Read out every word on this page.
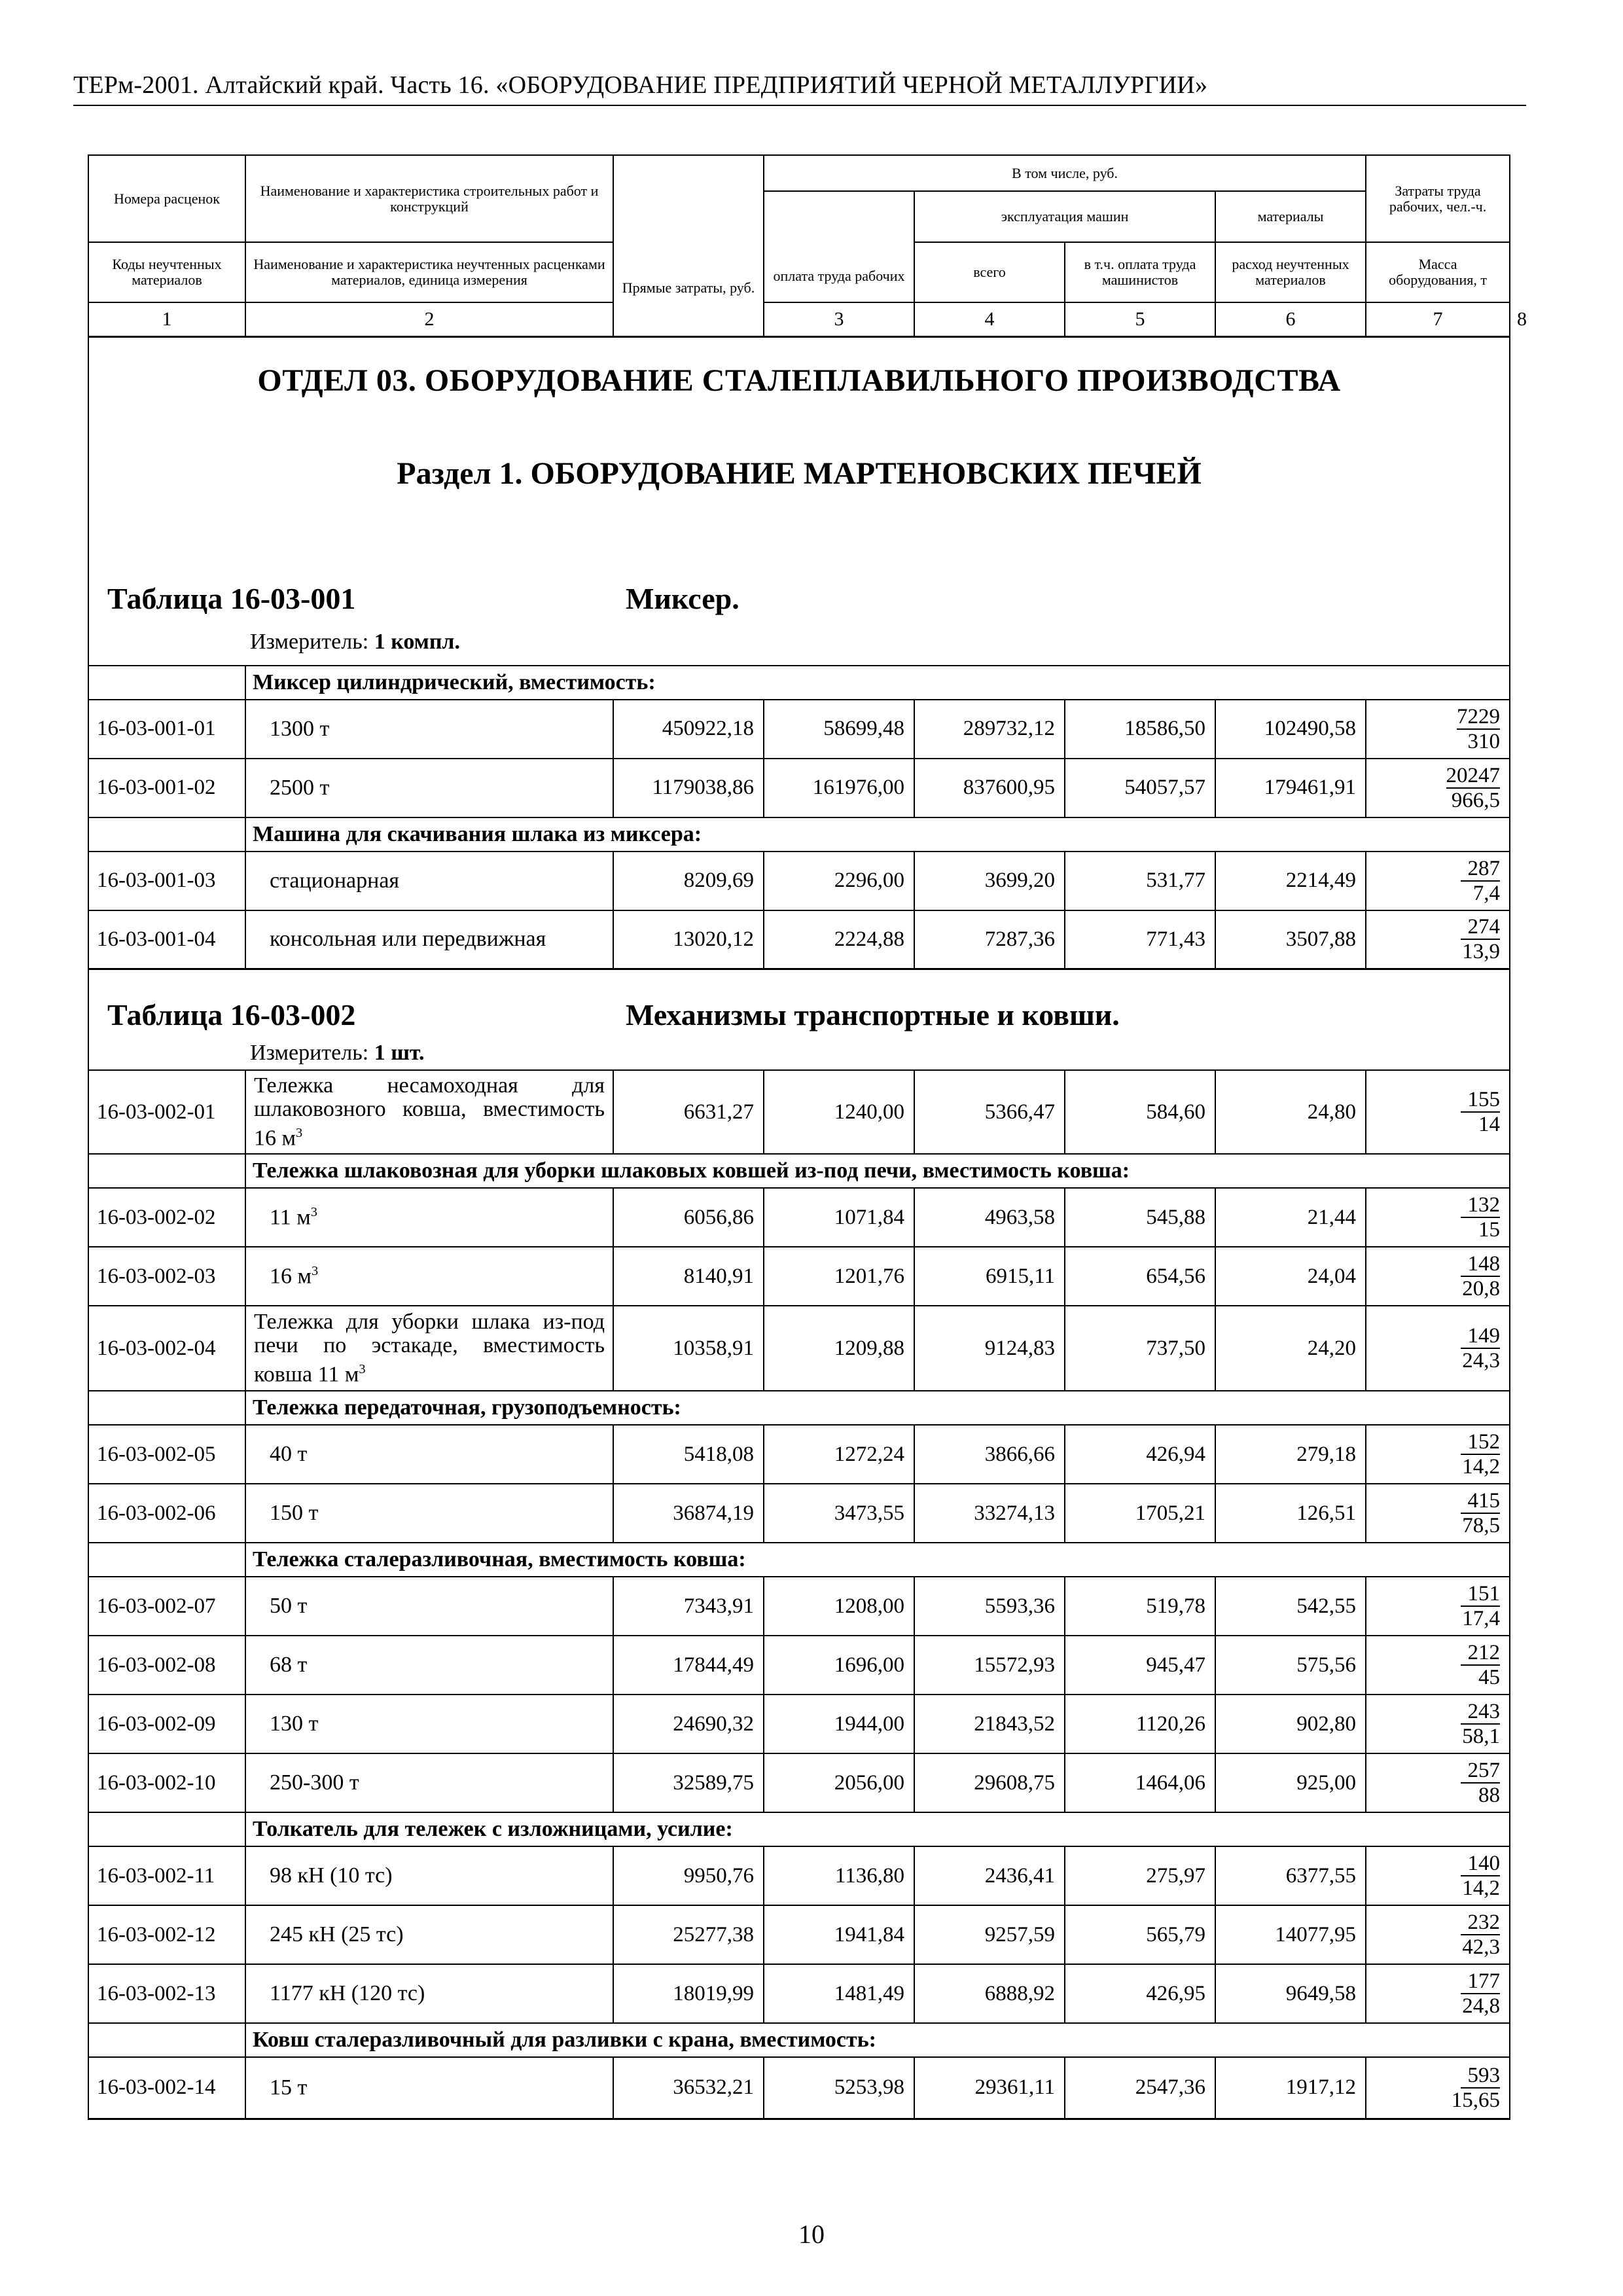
ТЕРм-2001. Алтайский край. Часть 16. «ОБОРУДОВАНИЕ ПРЕДПРИЯТИЙ ЧЕРНОЙ МЕТАЛЛУРГИИ»
Номера расценок	Наименование и характеристика строительных работ и конструкций	Прямые затраты, руб.	В том числе, руб.				Затраты труда рабочих, чел.-ч.	
			оплата труда рабочих	эксплуатация машин		материалы		
Коды неучтенных материалов	Наименование и характеристика неучтенных расценками материалов, единица измерения			всего	в т.ч. оплата труда машинистов	расход неучтенных материалов	Масса оборудования, т	
1	2		3	4	5	6	7	8

ОТДЕЛ 03. ОБОРУДОВАНИЕ СТАЛЕПЛАВИЛЬНОГО ПРОИЗВОДСТВА
Раздел 1. ОБОРУДОВАНИЕ МАРТЕНОВСКИХ ПЕЧЕЙ
Таблица 16-03-001 Миксер.
Измеритель: 1 компл.								

	Миксер цилиндрический, вместимость:							
16-03-001-01	1300 т	450922,18	58699,48	289732,12	18586,50	102490,58	7229
310	

16-03-001-02	2500 т	1179038,86	161976,00	837600,95	54057,57	179461,91	20247
966,5	

	Машина для скачивания шлака из миксера:							
16-03-001-03	стационарная	8209,69	2296,00	3699,20	531,77	2214,49	287
7,4	

16-03-001-04	консольная или передвижная	13020,12	2224,88	7287,36	771,43	3507,88	274
13,9	

Таблица 16-03-002 Механизмы транспортные и ковши.
Измеритель: 1 шт.								

16-03-002-01	Тележка несамоходная для шлаковозного ковша, вместимость 16 $м^3$	6631,27	1240,00	5366,47	584,60	24,80	155
14	

	Тележка шлаковозная для уборки шлаковых ковшей из-под печи, вместимость ковша:							
16-03-002-02	11 $м^3$	6056,86	1071,84	4963,58	545,88	21,44	132
15	

16-03-002-03	16 $м^3$	8140,91	1201,76	6915,11	654,56	24,04	148
20,8	

16-03-002-04	Тележка для уборки шлака из-под печи по эстакаде, вместимость ковша 11 $м^3$	10358,91	1209,88	9124,83	737,50	24,20	149
24,3	

	Тележка передаточная, грузоподъемность:							
16-03-002-05	40 т	5418,08	1272,24	3866,66	426,94	279,18	152
14,2	

16-03-002-06	150 т	36874,19	3473,55	33274,13	1705,21	126,51	415
78,5	

	Тележка сталеразливочная, вместимость ковша:							
16-03-002-07	50 т	7343,91	1208,00	5593,36	519,78	542,55	151
17,4	

16-03-002-08	68 т	17844,49	1696,00	15572,93	945,47	575,56	212
45	

16-03-002-09	130 т	24690,32	1944,00	21843,52	1120,26	902,80	243
58,1	

16-03-002-10	250-300 т	32589,75	2056,00	29608,75	1464,06	925,00	257
88	

	Толкатель для тележек с изложницами, усилие:							
16-03-002-11	98 кН (10 тс)	9950,76	1136,80	2436,41	275,97	6377,55	140
14,2	

16-03-002-12	245 кН (25 тс)	25277,38	1941,84	9257,59	565,79	14077,95	232
42,3	

16-03-002-13	1177 кН (120 тс)	18019,99	1481,49	6888,92	426,95	9649,58	177
24,8	

	Ковш сталеразливочный для разливки с крана, вместимость:							
16-03-002-14	15 т	36532,21	5253,98	29361,11	2547,36	1917,12	593
15,65	
10
